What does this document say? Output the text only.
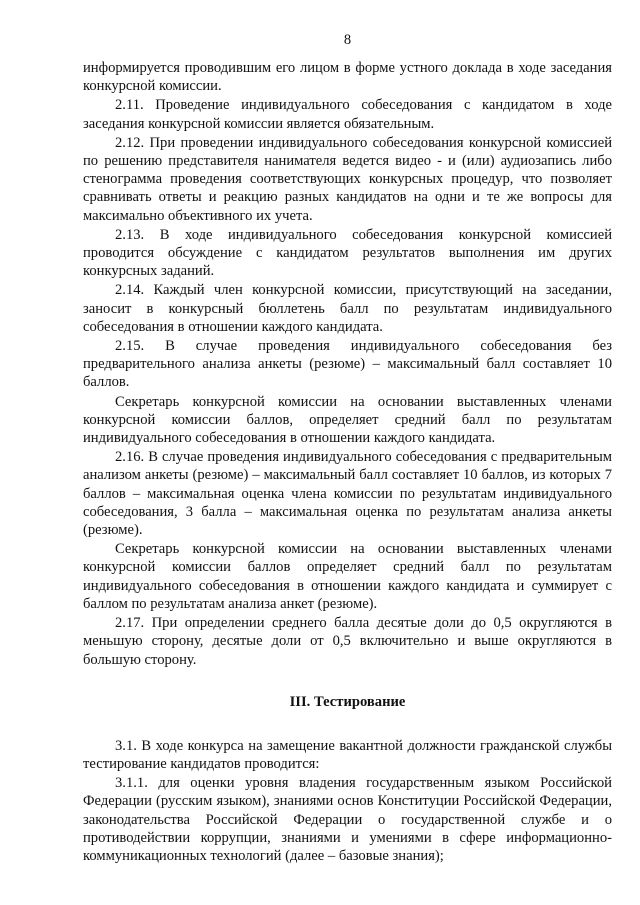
8

информируется проводившим его лицом в форме устного доклада в ходе заседания конкурсной комиссии.

2.11. Проведение индивидуального собеседования с кандидатом в ходе заседания конкурсной комиссии является обязательным.

2.12. При проведении индивидуального собеседования конкурсной комиссией по решению представителя нанимателя ведется видео - и (или) аудиозапись либо стенограмма проведения соответствующих конкурсных процедур, что позволяет сравнивать ответы и реакцию разных кандидатов на одни и те же вопросы для максимально объективного их учета.

2.13. В ходе индивидуального собеседования конкурсной комиссией проводится обсуждение с кандидатом результатов выполнения им других конкурсных заданий.

2.14. Каждый член конкурсной комиссии, присутствующий на заседании, заносит в конкурсный бюллетень балл по результатам индивидуального собеседования в отношении каждого кандидата.

2.15. В случае проведения индивидуального собеседования без предварительного анализа анкеты (резюме) – максимальный балл составляет 10 баллов.

Секретарь конкурсной комиссии на основании выставленных членами конкурсной комиссии баллов, определяет средний балл по результатам индивидуального собеседования в отношении каждого кандидата.

2.16. В случае проведения индивидуального собеседования с предварительным анализом анкеты (резюме) – максимальный балл составляет 10 баллов, из которых 7 баллов – максимальная оценка члена комиссии по результатам индивидуального собеседования, 3 балла – максимальная оценка по результатам анализа анкеты (резюме).

Секретарь конкурсной комиссии на основании выставленных членами конкурсной комиссии баллов определяет средний балл по результатам индивидуального собеседования в отношении каждого кандидата и суммирует с баллом по результатам анализа анкет (резюме).

2.17. При определении среднего балла десятые доли до 0,5 округляются в меньшую сторону, десятые доли от 0,5 включительно и выше округляются в большую сторону.

III. Тестирование

3.1. В ходе конкурса на замещение вакантной должности гражданской службы тестирование кандидатов проводится:

3.1.1. для оценки уровня владения государственным языком Российской Федерации (русским языком), знаниями основ Конституции Российской Федерации, законодательства Российской Федерации о государственной службе и о противодействии коррупции, знаниями и умениями в сфере информационно-коммуникационных технологий (далее – базовые знания);
